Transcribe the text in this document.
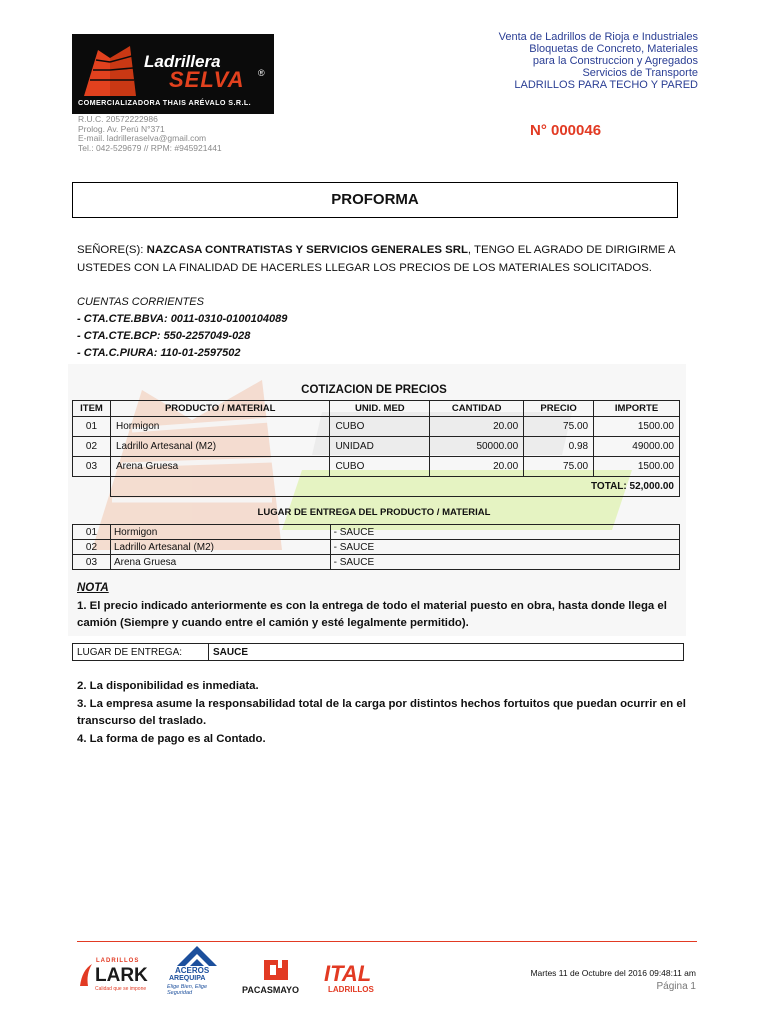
Ladrillera
SELVA ®
COMERCIALIZADORA THAIS ARÉVALO S.R.L.
R.U.C. 20572222986
Prolog. Av. Perú N°371
E-mail. ladrilleraselva@gmail.com
Tel.: 042-529679 // RPM: #945921441
Venta de Ladrillos de Rioja e Industriales
Bloquetas de Concreto, Materiales
para la Construccion y Agregados
Servicios de Transporte
LADRILLOS PARA TECHO Y PARED
N° 000046
PROFORMA
SEÑORE(S): NAZCASA CONTRATISTAS Y SERVICIOS GENERALES SRL, TENGO EL AGRADO DE DIRIGIRME A USTEDES CON LA FINALIDAD DE HACERLES LLEGAR LOS PRECIOS DE LOS MATERIALES SOLICITADOS.
CUENTAS CORRIENTES
- CTA.CTE.BBVA: 0011-0310-0100104089
- CTA.CTE.BCP: 550-2257049-028
- CTA.C.PIURA: 110-01-2597502
COTIZACION DE PRECIOS
ITEM	PRODUCTO / MATERIAL	UNID. MED	CANTIDAD	PRECIO	IMPORTE
01	Hormigon	CUBO	20.00	75.00	1500.00
02	Ladrillo Artesanal (M2)	UNIDAD	50000.00	0.98	49000.00
03	Arena Gruesa	CUBO	20.00	75.00	1500.00
	TOTAL: 52,000.00				
LUGAR DE ENTREGA DEL PRODUCTO / MATERIAL
01	Hormigon	- SAUCE
02	Ladrillo Artesanal (M2)	- SAUCE
03	Arena Gruesa	- SAUCE
NOTA
1. El precio indicado anteriormente es con la entrega de todo el material puesto en obra, hasta donde llega el camión (Siempre y cuando entre el camión y esté legalmente permitido).
LUGAR DE ENTREGA:	SAUCE
2. La disponibilidad es inmediata.
3. La empresa asume la responsabilidad total de la carga por distintos hechos fortuitos que puedan ocurrir en el transcurso del traslado.
4. La forma de pago es al Contado.
LADRILLOS
LARK
Calidad que se impone
ACEROS
AREQUIPA
Elige Bien, Elige Seguridad	PACASMAYO
ITAL
LADRILLOS
Martes 11 de Octubre del 2016 09:48:11 am
Página 1
